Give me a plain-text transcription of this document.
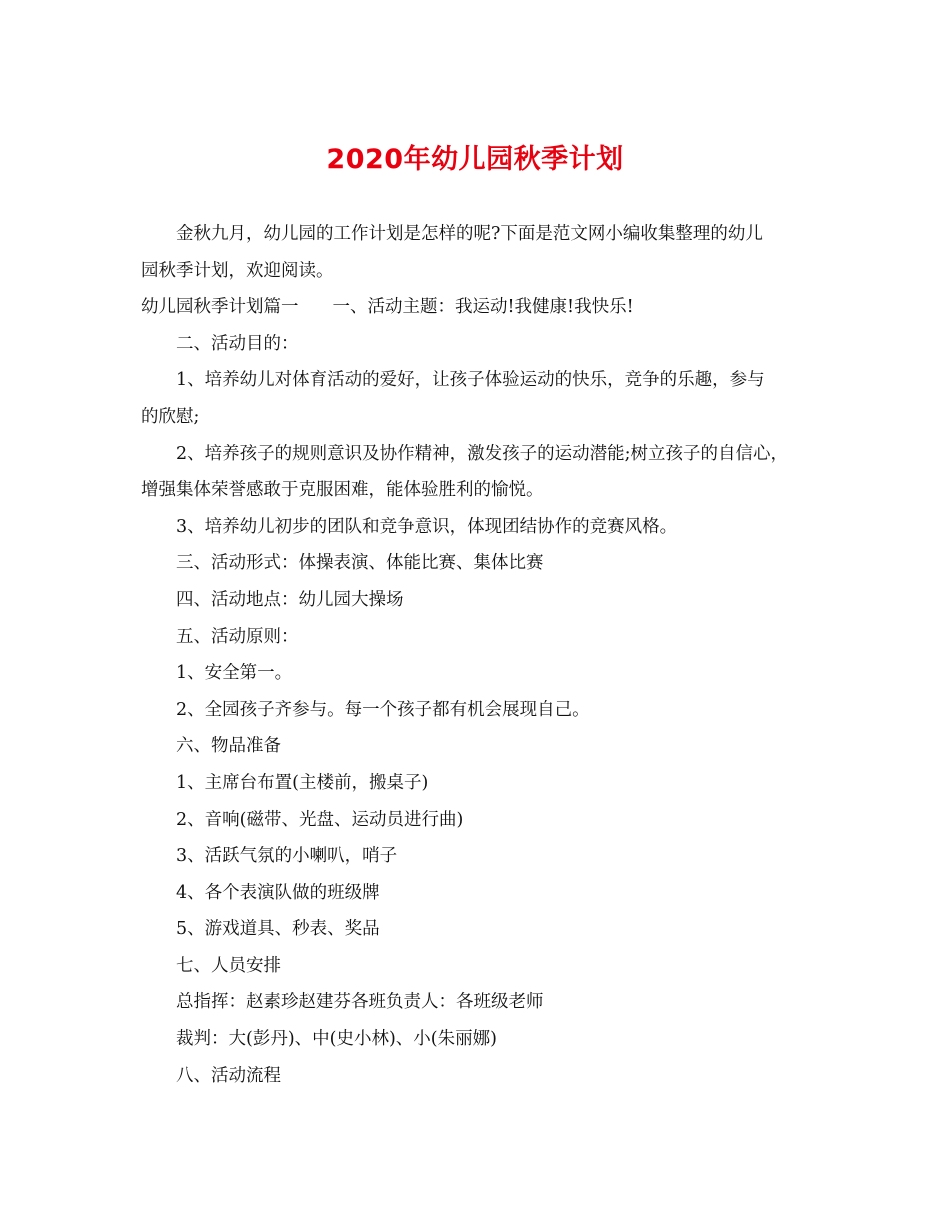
2020年幼儿园秋季计划

金秋九月，幼儿园的工作计划是怎样的呢?下面是范文网小编收集整理的幼儿

园秋季计划，欢迎阅读。

幼儿园秋季计划篇一 一、活动主题：我运动!我健康!我快乐!

二、活动目的：

1、培养幼儿对体育活动的爱好，让孩子体验运动的快乐，竞争的乐趣，参与

的欣慰;

2、培养孩子的规则意识及协作精神，激发孩子的运动潜能;树立孩子的自信心，

增强集体荣誉感敢于克服困难，能体验胜利的愉悦。

3、培养幼儿初步的团队和竞争意识，体现团结协作的竞赛风格。

三、活动形式：体操表演、体能比赛、集体比赛

四、活动地点：幼儿园大操场

五、活动原则：

1、安全第一。

2、全园孩子齐参与。每一个孩子都有机会展现自己。

六、物品准备

1、主席台布置(主楼前，搬桌子)

2、音响(磁带、光盘、运动员进行曲)

3、活跃气氛的小喇叭，哨子

4、各个表演队做的班级牌

5、游戏道具、秒表、奖品

七、人员安排

总指挥：赵素珍赵建芬各班负责人：各班级老师

裁判：大(彭丹)、中(史小林)、小(朱丽娜)

八、活动流程
